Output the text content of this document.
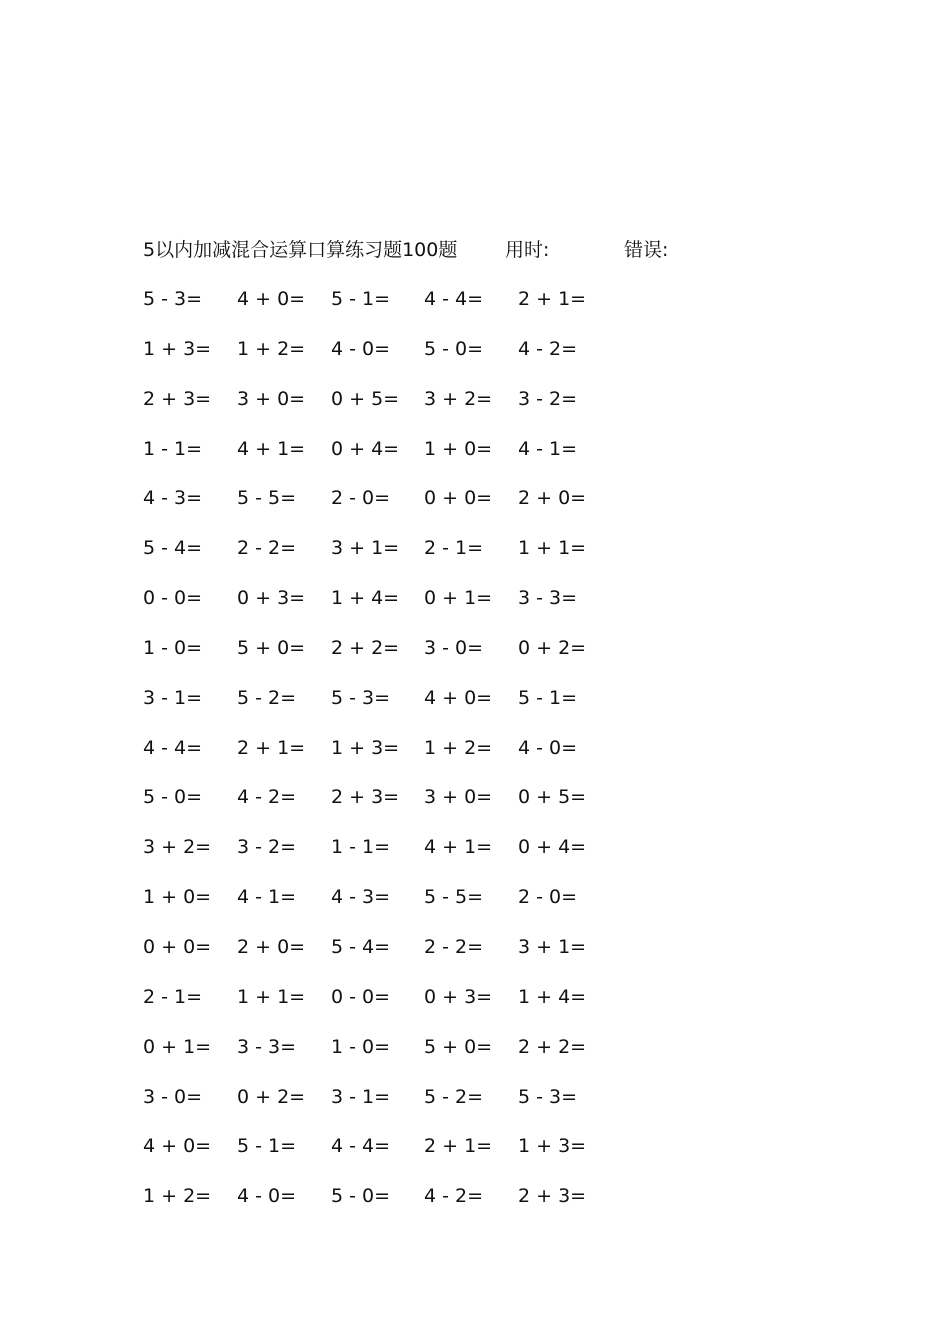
5以内加减混合运算口算练习题100题	用时:	错误:
5 - 3= 4 + 0= 5 - 1= 4 - 4= 2 + 1=
1 + 3= 1 + 2= 4 - 0= 5 - 0= 4 - 2=
2 + 3= 3 + 0= 0 + 5= 3 + 2= 3 - 2=
1 - 1= 4 + 1= 0 + 4= 1 + 0= 4 - 1=
4 - 3= 5 - 5= 2 - 0= 0 + 0= 2 + 0=
5 - 4= 2 - 2= 3 + 1= 2 - 1= 1 + 1=
0 - 0= 0 + 3= 1 + 4= 0 + 1= 3 - 3=
1 - 0= 5 + 0= 2 + 2= 3 - 0= 0 + 2=
3 - 1= 5 - 2= 5 - 3= 4 + 0= 5 - 1=
4 - 4= 2 + 1= 1 + 3= 1 + 2= 4 - 0=
5 - 0= 4 - 2= 2 + 3= 3 + 0= 0 + 5=
3 + 2= 3 - 2= 1 - 1= 4 + 1= 0 + 4=
1 + 0= 4 - 1= 4 - 3= 5 - 5= 2 - 0=
0 + 0= 2 + 0= 5 - 4= 2 - 2= 3 + 1=
2 - 1= 1 + 1= 0 - 0= 0 + 3= 1 + 4=
0 + 1= 3 - 3= 1 - 0= 5 + 0= 2 + 2=
3 - 0= 0 + 2= 3 - 1= 5 - 2= 5 - 3=
4 + 0= 5 - 1= 4 - 4= 2 + 1= 1 + 3=
1 + 2= 4 - 0= 5 - 0= 4 - 2= 2 + 3=
